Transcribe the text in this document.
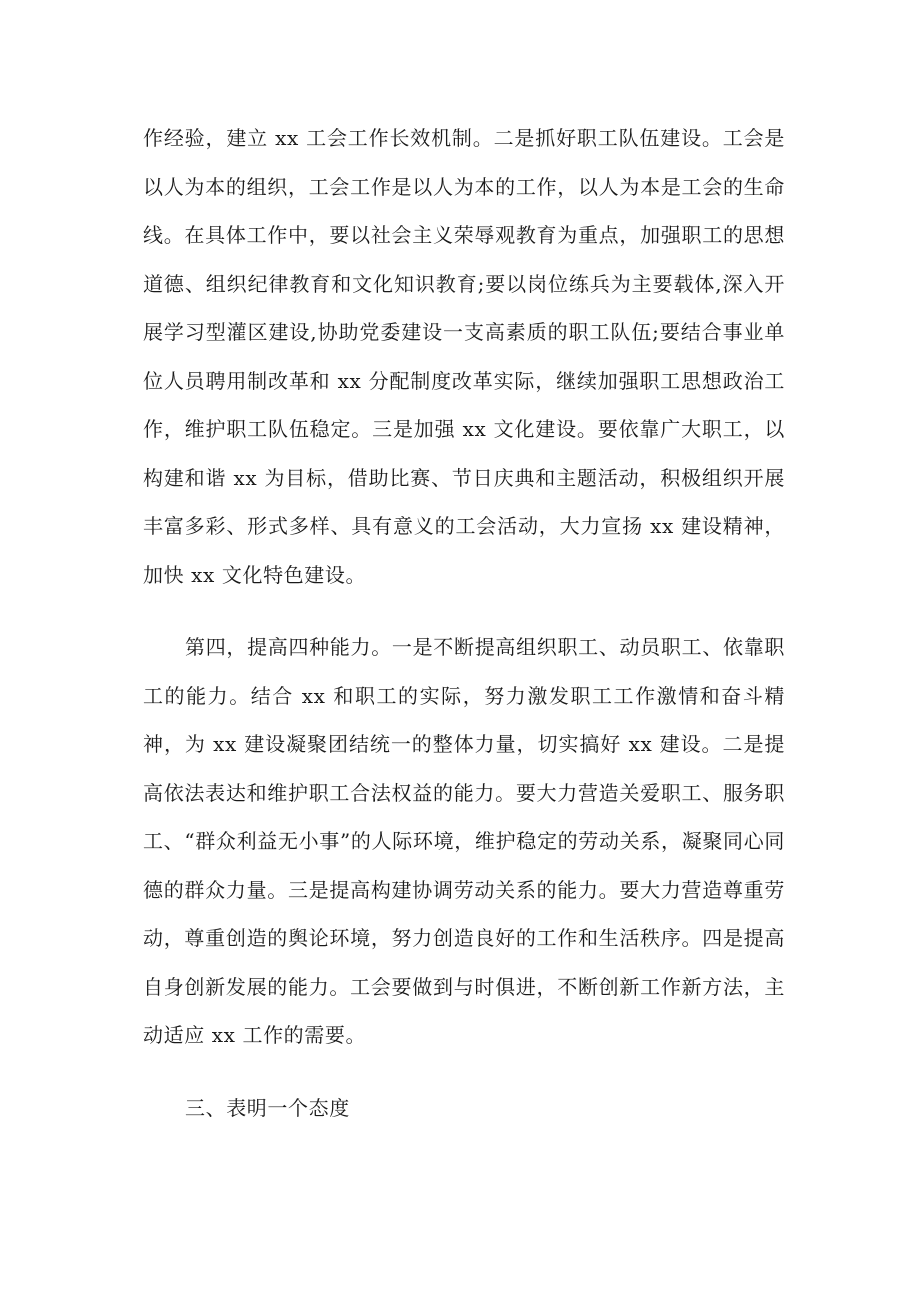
作经验，建立 xx 工会工作长效机制。二是抓好职工队伍建设。工会是以人为本的组织，工会工作是以人为本的工作，以人为本是工会的生命线。在具体工作中，要以社会主义荣辱观教育为重点，加强职工的思想道德、组织纪律教育和文化知识教育;要以岗位练兵为主要载体,深入开展学习型灌区建设,协助党委建设一支高素质的职工队伍;要结合事业单位人员聘用制改革和 xx 分配制度改革实际，继续加强职工思想政治工作，维护职工队伍稳定。三是加强 xx 文化建设。要依靠广大职工，以构建和谐 xx 为目标，借助比赛、节日庆典和主题活动，积极组织开展丰富多彩、形式多样、具有意义的工会活动，大力宣扬 xx 建设精神，加快 xx 文化特色建设。

第四，提高四种能力。一是不断提高组织职工、动员职工、依靠职工的能力。结合 xx 和职工的实际，努力激发职工工作激情和奋斗精神，为 xx 建设凝聚团结统一的整体力量，切实搞好 xx 建设。二是提高依法表达和维护职工合法权益的能力。要大力营造关爱职工、服务职工、“群众利益无小事”的人际环境，维护稳定的劳动关系，凝聚同心同德的群众力量。三是提高构建协调劳动关系的能力。要大力营造尊重劳动，尊重创造的舆论环境，努力创造良好的工作和生活秩序。四是提高自身创新发展的能力。工会要做到与时俱进，不断创新工作新方法，主动适应 xx 工作的需要。

三、表明一个态度
